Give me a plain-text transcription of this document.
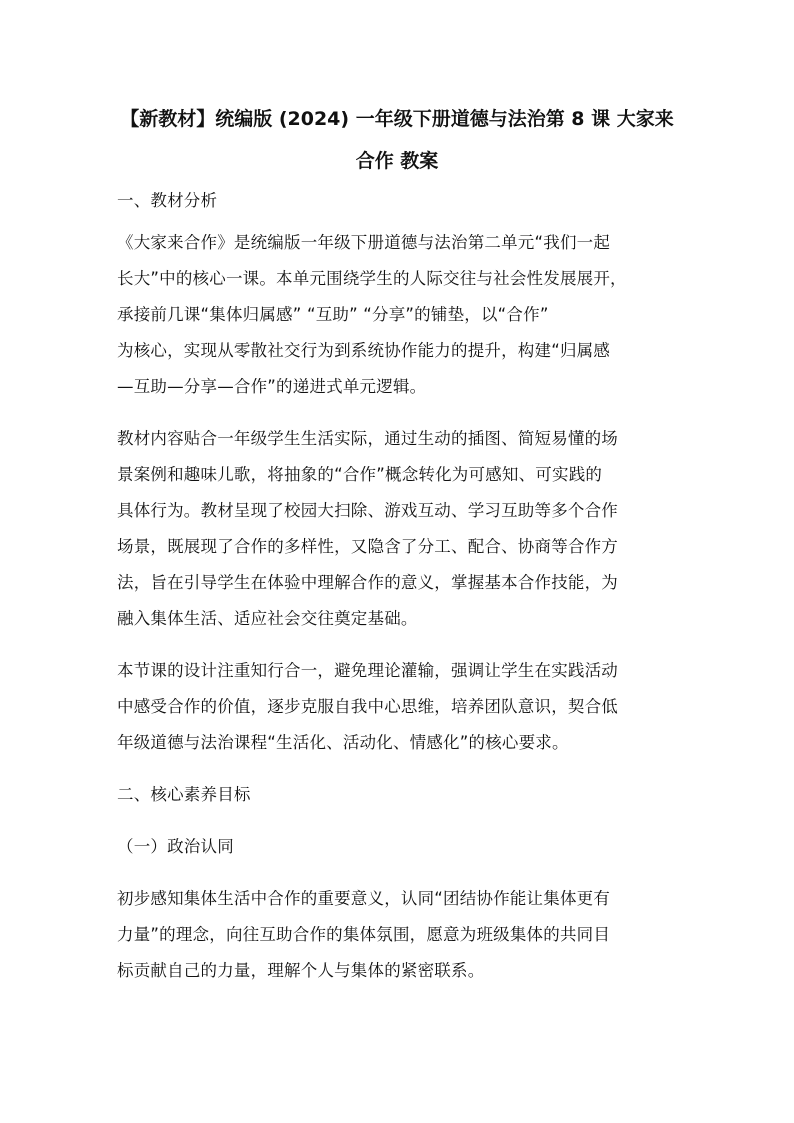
【新教材】统编版 (2024) 一年级下册道德与法治第 8 课 大家来
合作 教案
一、教材分析
《大家来合作》是统编版一年级下册道德与法治第二单元“我们一起
长大”中的核心一课。本单元围绕学生的人际交往与社会性发展展开，
承接前几课“集体归属感” “互助” “分享”的铺垫，以“合作”
为核心，实现从零散社交行为到系统协作能力的提升，构建“归属感
—互助—分享—合作”的递进式单元逻辑。
教材内容贴合一年级学生生活实际，通过生动的插图、简短易懂的场
景案例和趣味儿歌，将抽象的“合作”概念转化为可感知、可实践的
具体行为。教材呈现了校园大扫除、游戏互动、学习互助等多个合作
场景，既展现了合作的多样性，又隐含了分工、配合、协商等合作方
法，旨在引导学生在体验中理解合作的意义，掌握基本合作技能，为
融入集体生活、适应社会交往奠定基础。
本节课的设计注重知行合一，避免理论灌输，强调让学生在实践活动
中感受合作的价值，逐步克服自我中心思维，培养团队意识，契合低
年级道德与法治课程“生活化、活动化、情感化”的核心要求。
二、核心素养目标
（一）政治认同
初步感知集体生活中合作的重要意义，认同“团结协作能让集体更有
力量”的理念，向往互助合作的集体氛围，愿意为班级集体的共同目
标贡献自己的力量，理解个人与集体的紧密联系。
